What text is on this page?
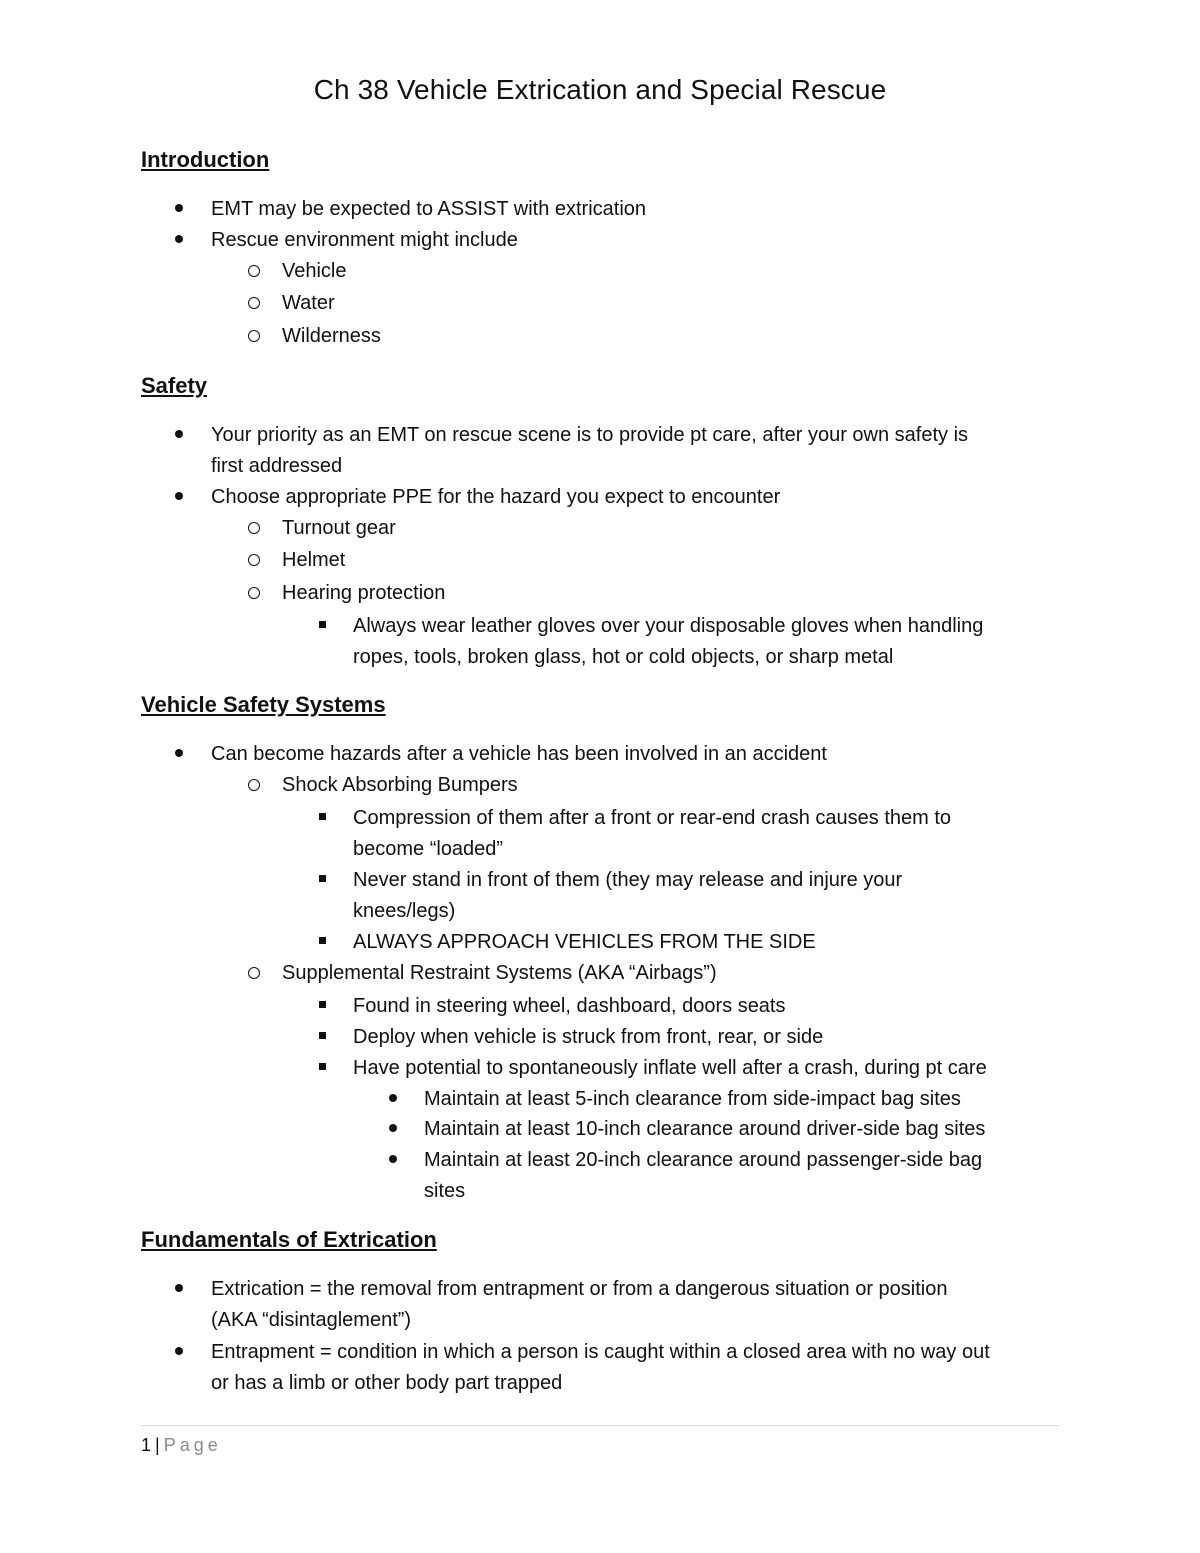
Ch 38 Vehicle Extrication and Special Rescue
Introduction
EMT may be expected to ASSIST with extrication
Rescue environment might include
Vehicle
Water
Wilderness
Safety
Your priority as an EMT on rescue scene is to provide pt care, after your own safety is
first addressed
Choose appropriate PPE for the hazard you expect to encounter
Turnout gear
Helmet
Hearing protection
Always wear leather gloves over your disposable gloves when handling
ropes, tools, broken glass, hot or cold objects, or sharp metal
Vehicle Safety Systems
Can become hazards after a vehicle has been involved in an accident
Shock Absorbing Bumpers
Compression of them after a front or rear-end crash causes them to
become “loaded”
Never stand in front of them (they may release and injure your
knees/legs)
ALWAYS APPROACH VEHICLES FROM THE SIDE
Supplemental Restraint Systems (AKA “Airbags”)
Found in steering wheel, dashboard, doors seats
Deploy when vehicle is struck from front, rear, or side
Have potential to spontaneously inflate well after a crash, during pt care
Maintain at least 5-inch clearance from side-impact bag sites
Maintain at least 10-inch clearance around driver-side bag sites
Maintain at least 20-inch clearance around passenger-side bag
sites
Fundamentals of Extrication
Extrication = the removal from entrapment or from a dangerous situation or position
(AKA “disintaglement”)
Entrapment = condition in which a person is caught within a closed area with no way out
or has a limb or other body part trapped
1 | Page
